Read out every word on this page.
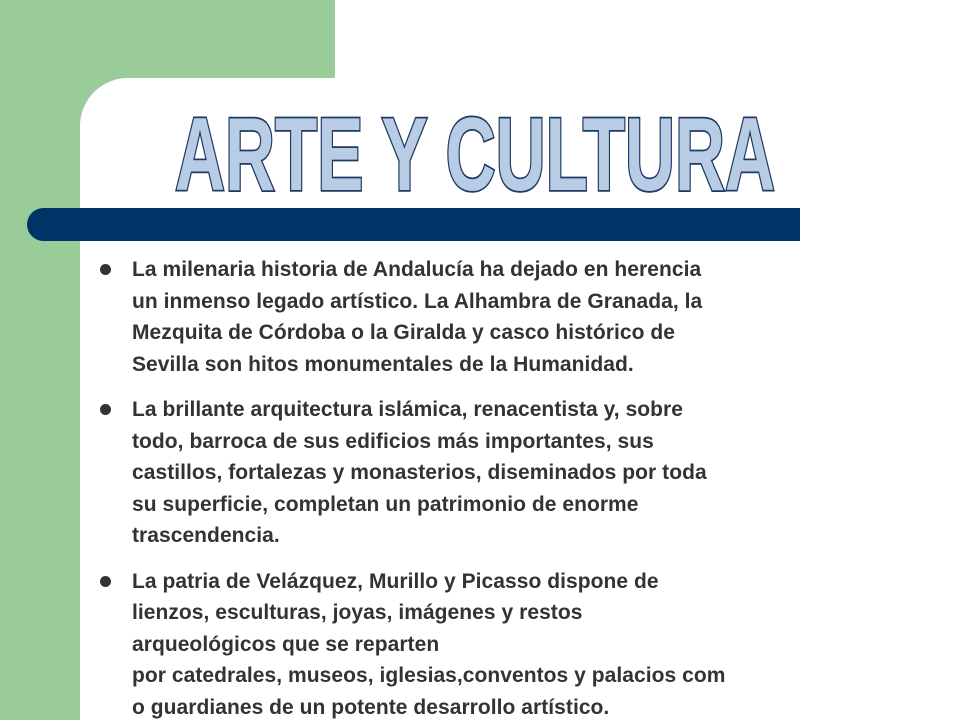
ARTE Y CULTURA
La milenaria historia de Andalucía ha dejado en herencia
un inmenso legado artístico. La Alhambra de Granada, la
Mezquita de Córdoba o la Giralda y casco histórico de
Sevilla son hitos monumentales de la Humanidad.
La brillante arquitectura islámica, renacentista y, sobre
todo, barroca de sus edificios más importantes, sus
castillos, fortalezas y monasterios, diseminados por toda
su superficie, completan un patrimonio de enorme
trascendencia.
La patria de Velázquez, Murillo y Picasso dispone de
lienzos, esculturas, joyas, imágenes y restos
arqueológicos que se reparten
por catedrales, museos, iglesias,conventos y palacios com
o guardianes de un potente desarrollo artístico.
